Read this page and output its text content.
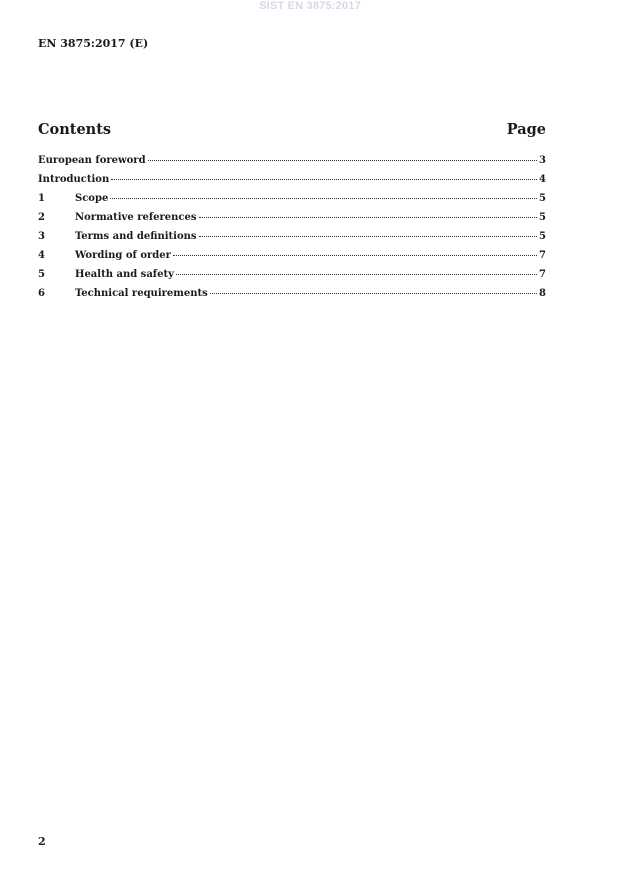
SIST EN 3875:2017
EN 3875:2017 (E)
Contents	Page
European foreword	3
Introduction	4
1	Scope	5
2	Normative references	5
3	Terms and definitions	5
4	Wording of order	7
5	Health and safety	7
6	Technical requirements	8
2
